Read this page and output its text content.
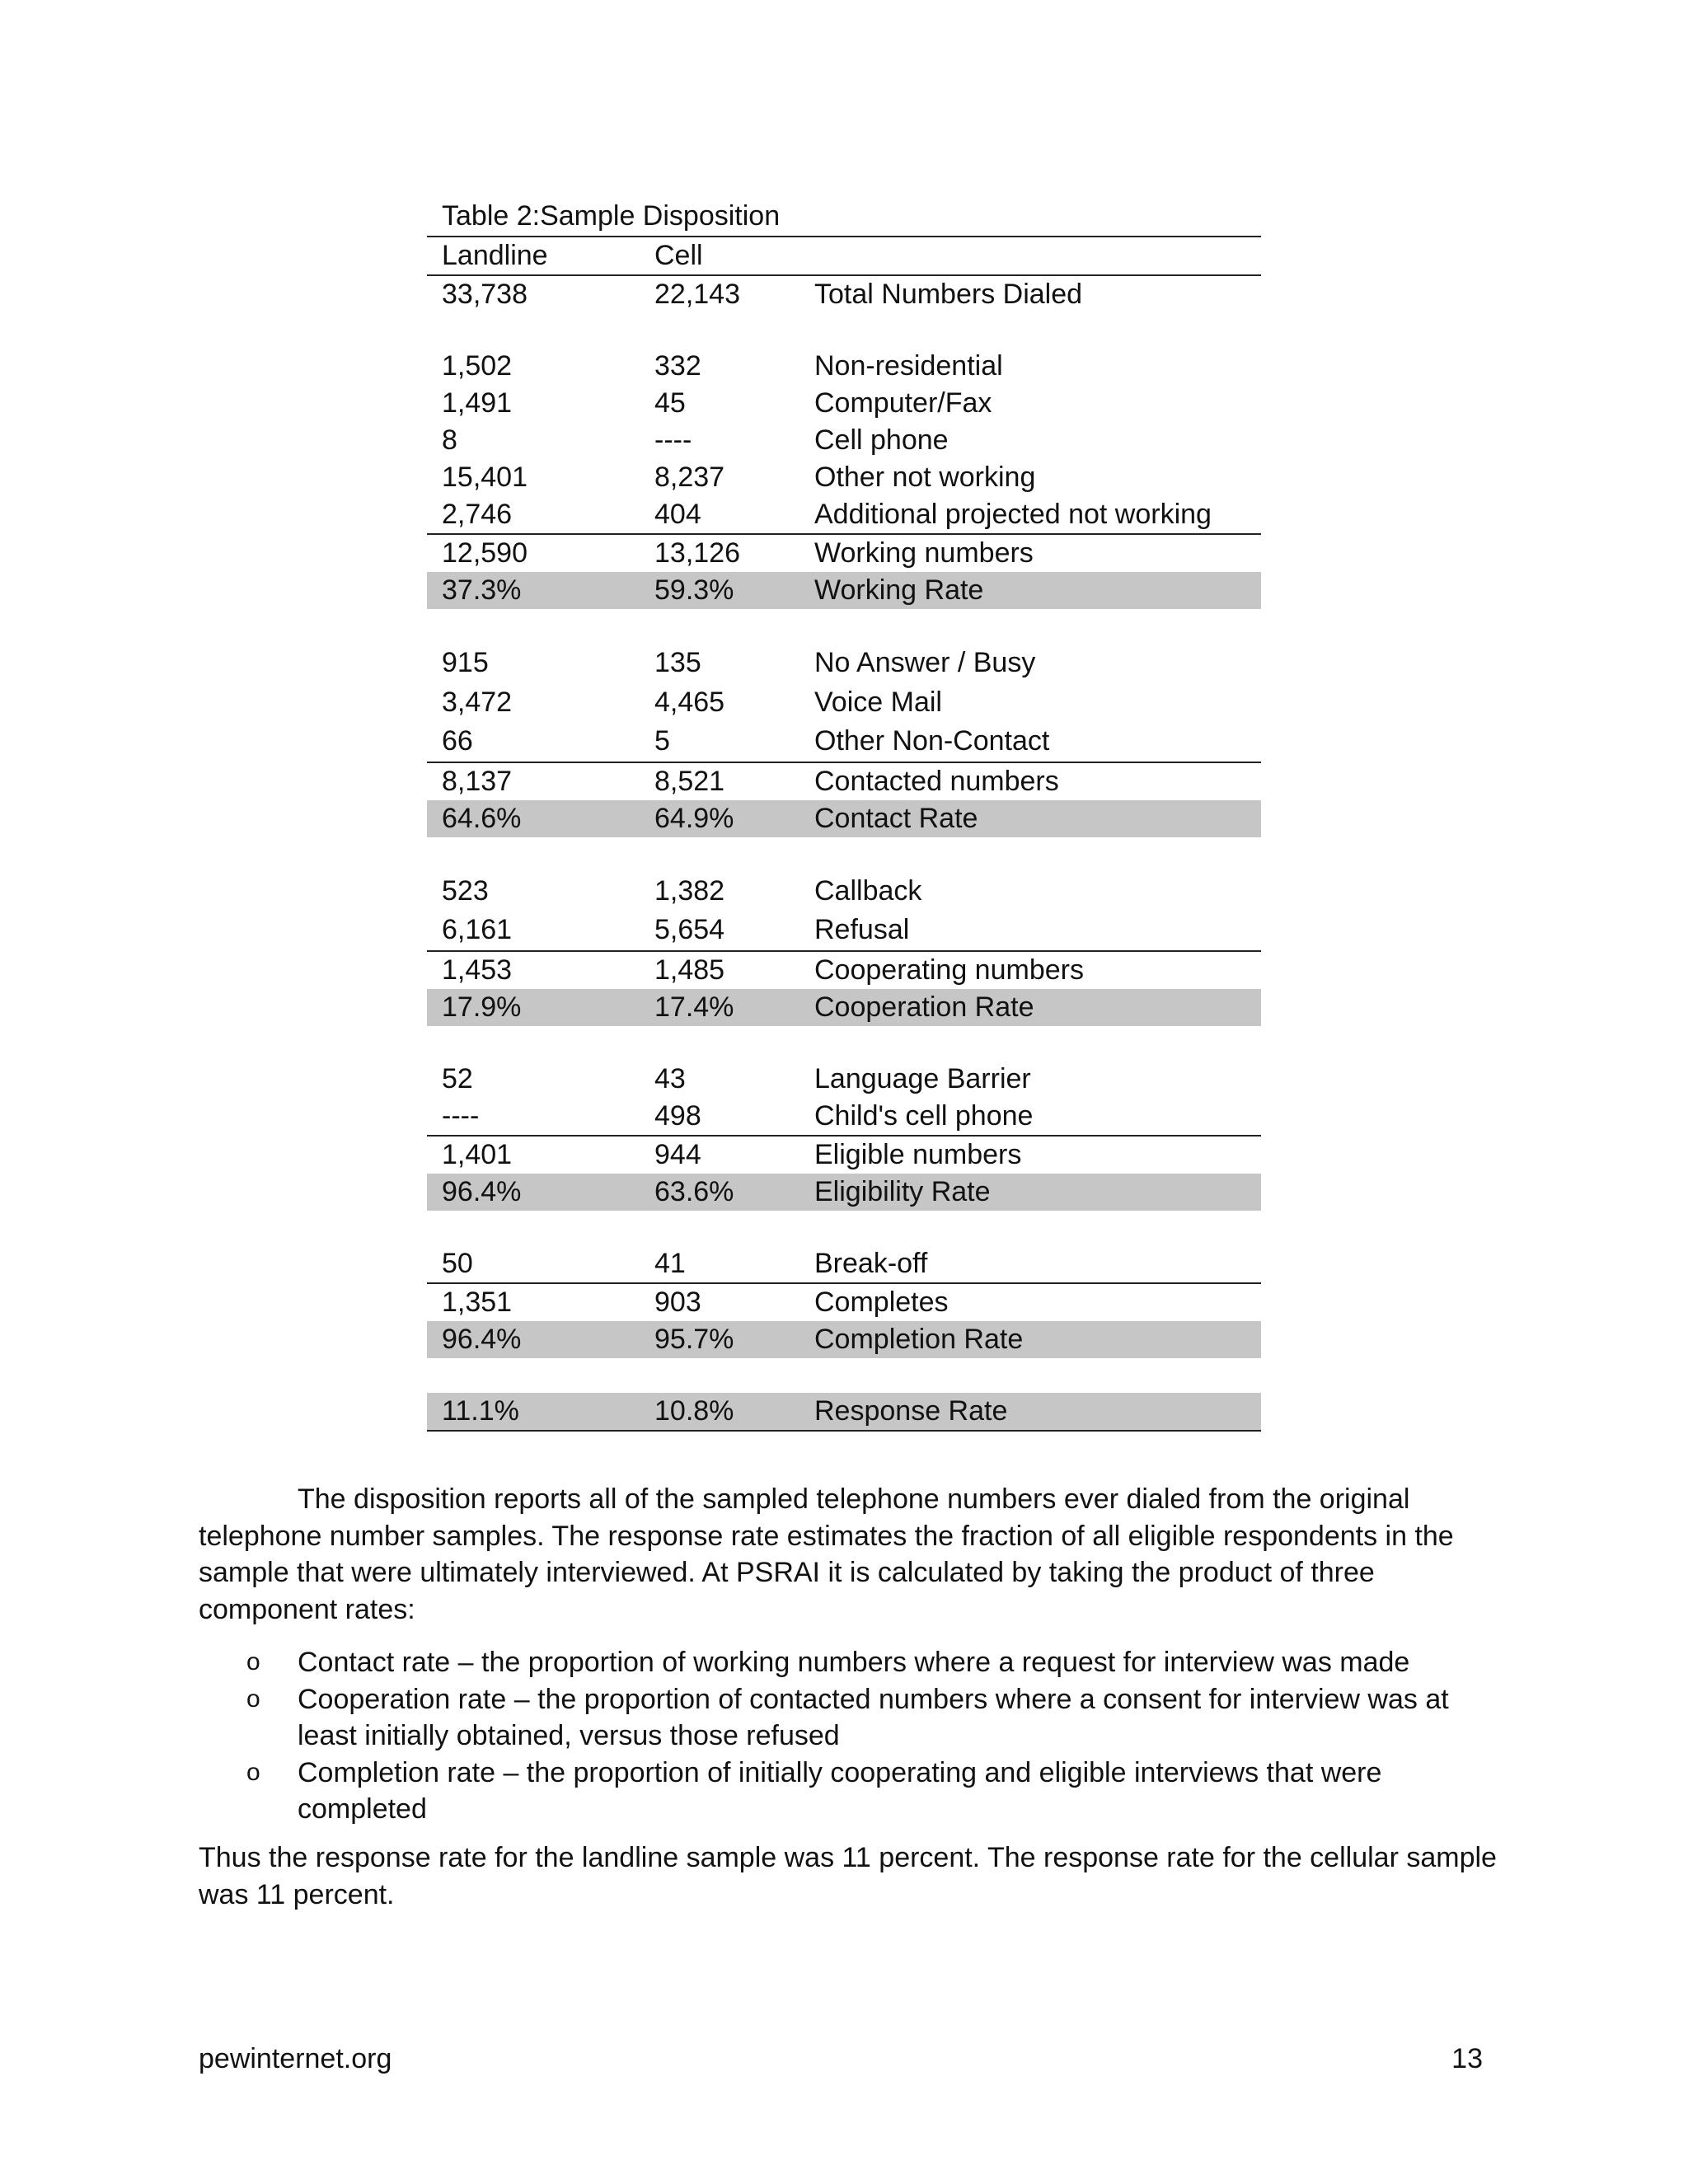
Table 2:Sample Disposition
Landline	Cell
33,738	22,143	Total Numbers Dialed
1,502	332	Non-residential
1,491	45	Computer/Fax
8	----	Cell phone
15,401	8,237	Other not working
2,746	404	Additional projected not working
12,590	13,126	Working numbers
37.3%	59.3%	Working Rate
915	135	No Answer / Busy
3,472	4,465	Voice Mail
66	5	Other Non-Contact
8,137	8,521	Contacted numbers
64.6%	64.9%	Contact Rate
523	1,382	Callback
6,161	5,654	Refusal
1,453	1,485	Cooperating numbers
17.9%	17.4%	Cooperation Rate
52	43	Language Barrier
----	498	Child's cell phone
1,401	944	Eligible numbers
96.4%	63.6%	Eligibility Rate
50	41	Break-off
1,351	903	Completes
96.4%	95.7%	Completion Rate
11.1%	10.8%	Response Rate

The disposition reports all of the sampled telephone numbers ever dialed from the original telephone number samples. The response rate estimates the fraction of all eligible respondents in the sample that were ultimately interviewed. At PSRAI it is calculated by taking the product of three component rates:

o Contact rate – the proportion of working numbers where a request for interview was made
o Cooperation rate – the proportion of contacted numbers where a consent for interview was at least initially obtained, versus those refused
o Completion rate – the proportion of initially cooperating and eligible interviews that were completed

Thus the response rate for the landline sample was 11 percent. The response rate for the cellular sample was 11 percent.

pewinternet.org	13
